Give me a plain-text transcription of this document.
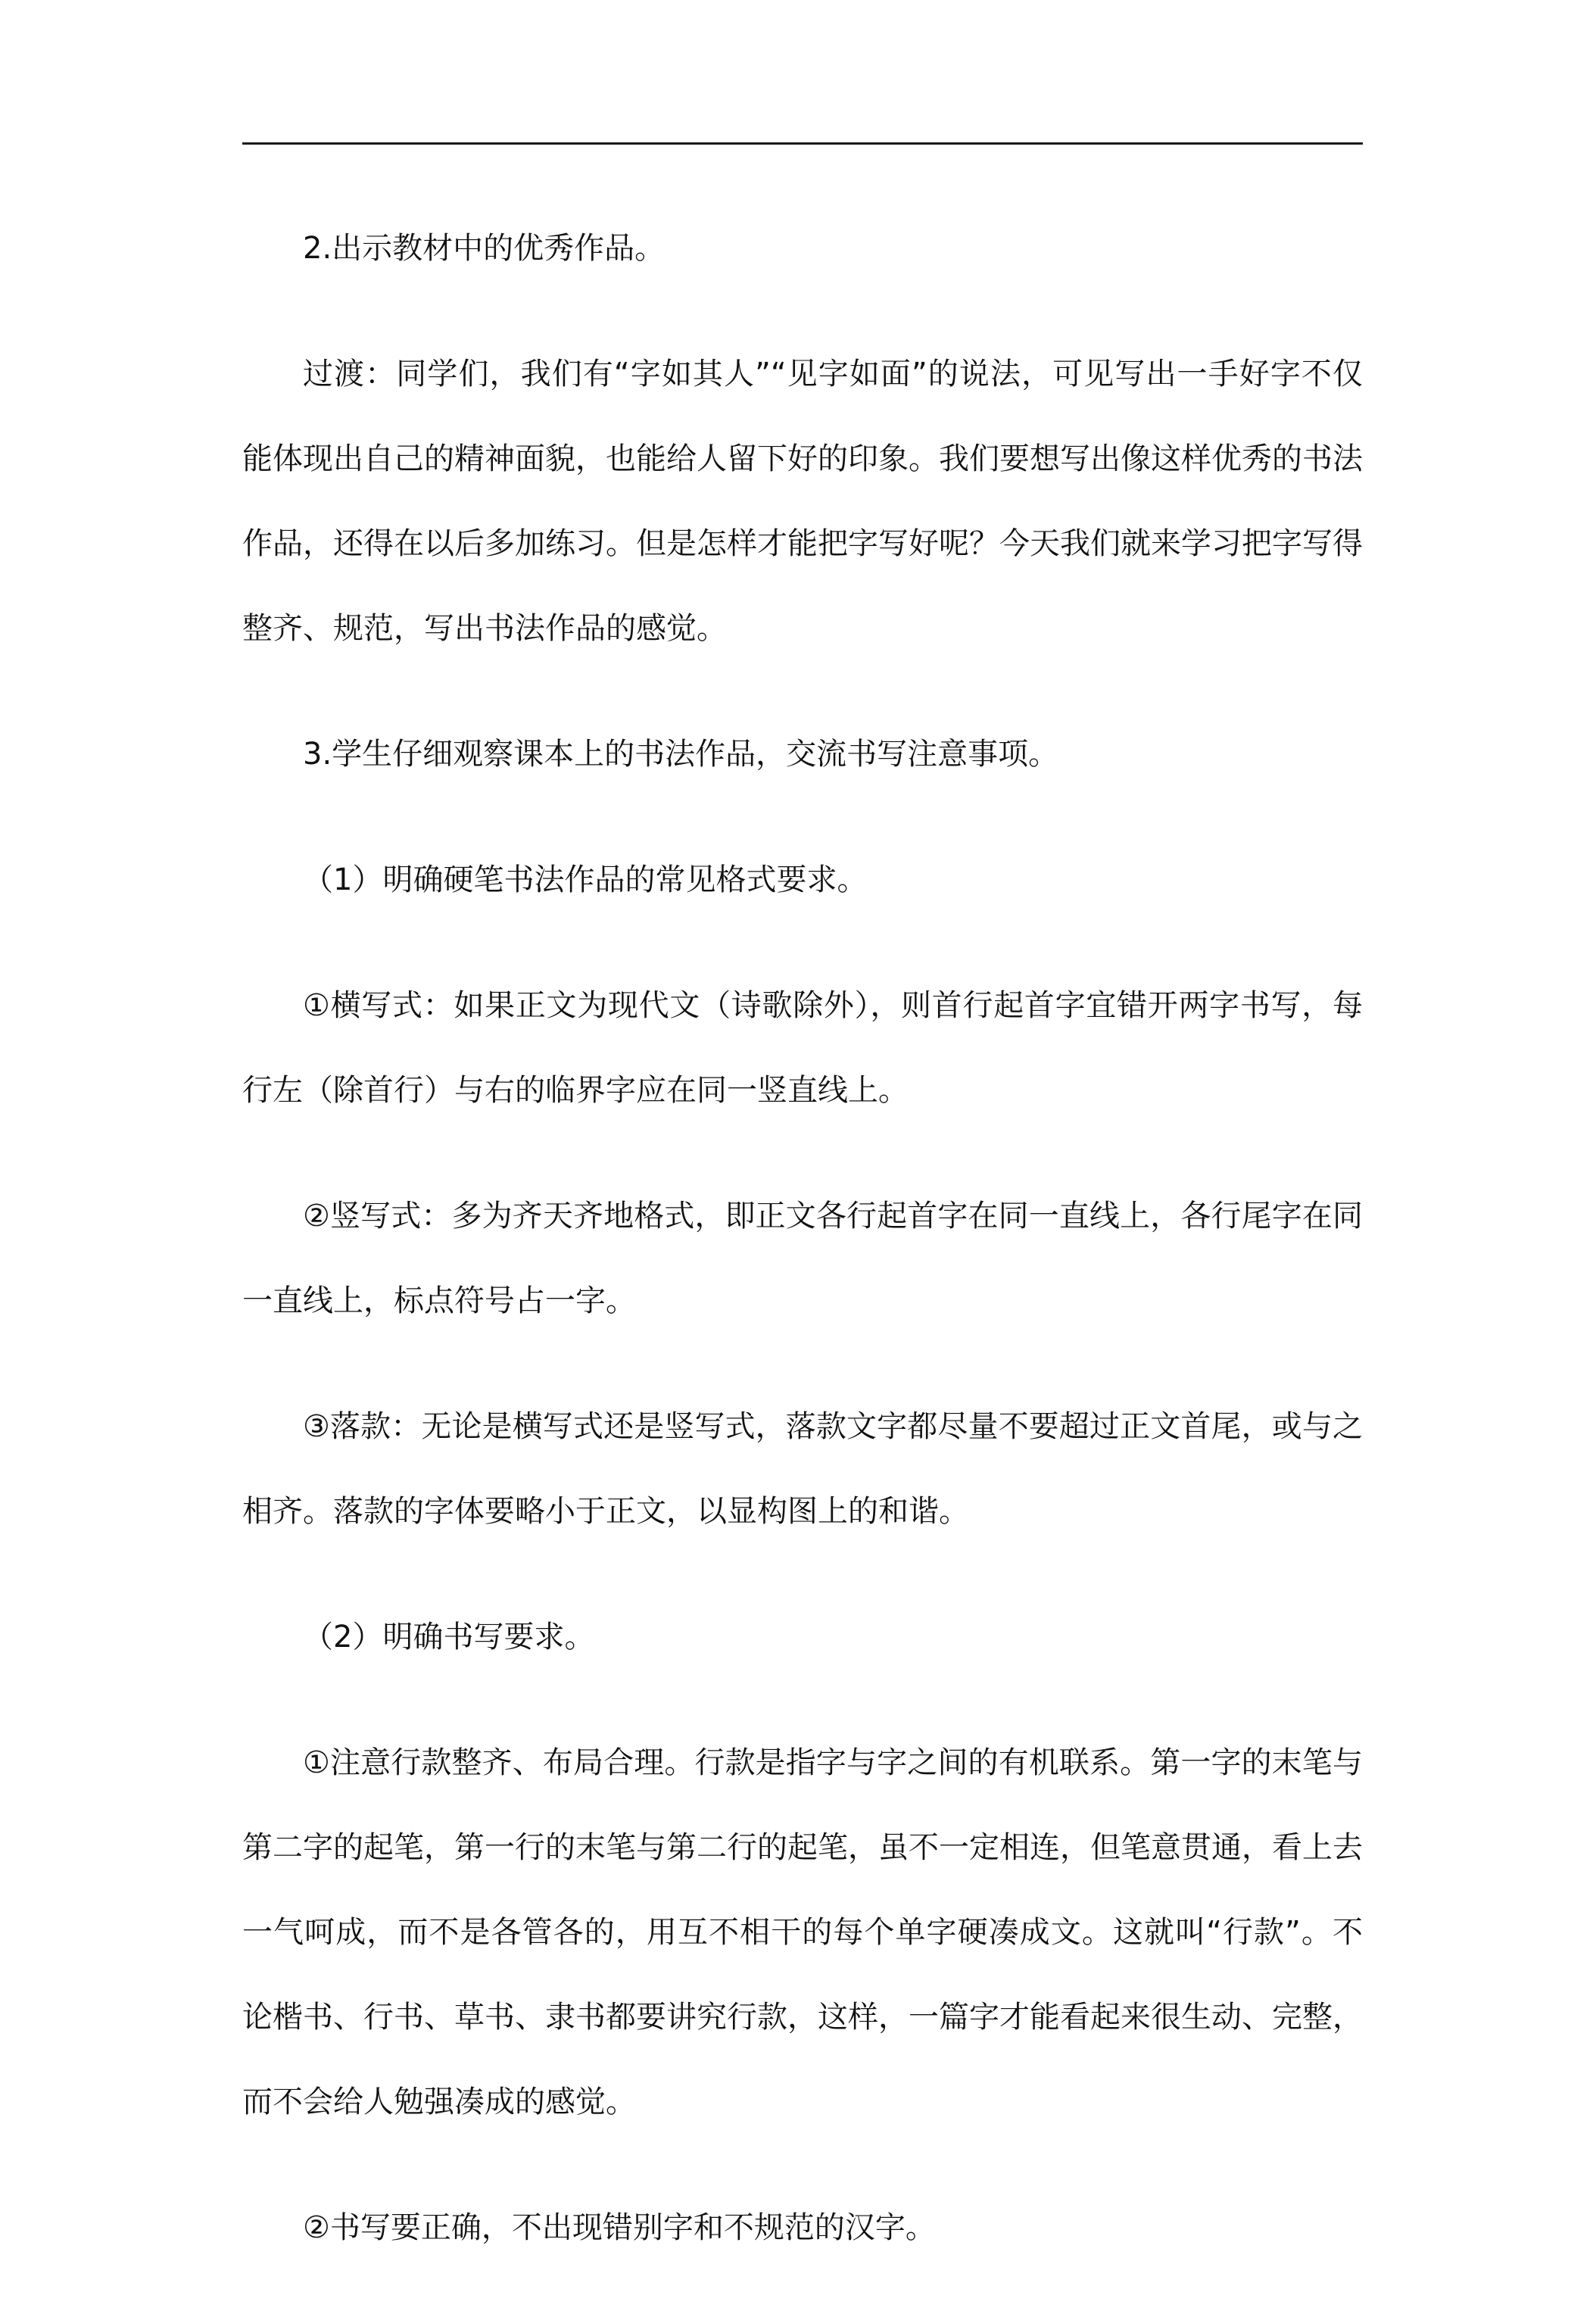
2.出示教材中的优秀作品。

过渡：同学们，我们有“字如其人”“见字如面”的说法，可见写出一手好字不仅能体现出自己的精神面貌，也能给人留下好的印象。我们要想写出像这样优秀的书法作品，还得在以后多加练习。但是怎样才能把字写好呢？今天我们就来学习把字写得整齐、规范，写出书法作品的感觉。

3.学生仔细观察课本上的书法作品，交流书写注意事项。

（1）明确硬笔书法作品的常见格式要求。

①横写式：如果正文为现代文（诗歌除外），则首行起首字宜错开两字书写，每行左（除首行）与右的临界字应在同一竖直线上。

②竖写式：多为齐天齐地格式，即正文各行起首字在同一直线上，各行尾字在同一直线上，标点符号占一字。

③落款：无论是横写式还是竖写式，落款文字都尽量不要超过正文首尾，或与之相齐。落款的字体要略小于正文，以显构图上的和谐。

（2）明确书写要求。

①注意行款整齐、布局合理。行款是指字与字之间的有机联系。第一字的末笔与第二字的起笔，第一行的末笔与第二行的起笔，虽不一定相连，但笔意贯通，看上去一气呵成，而不是各管各的，用互不相干的每个单字硬凑成文。这就叫“行款”。不论楷书、行书、草书、隶书都要讲究行款，这样，一篇字才能看起来很生动、完整，而不会给人勉强凑成的感觉。

②书写要正确，不出现错别字和不规范的汉字。
